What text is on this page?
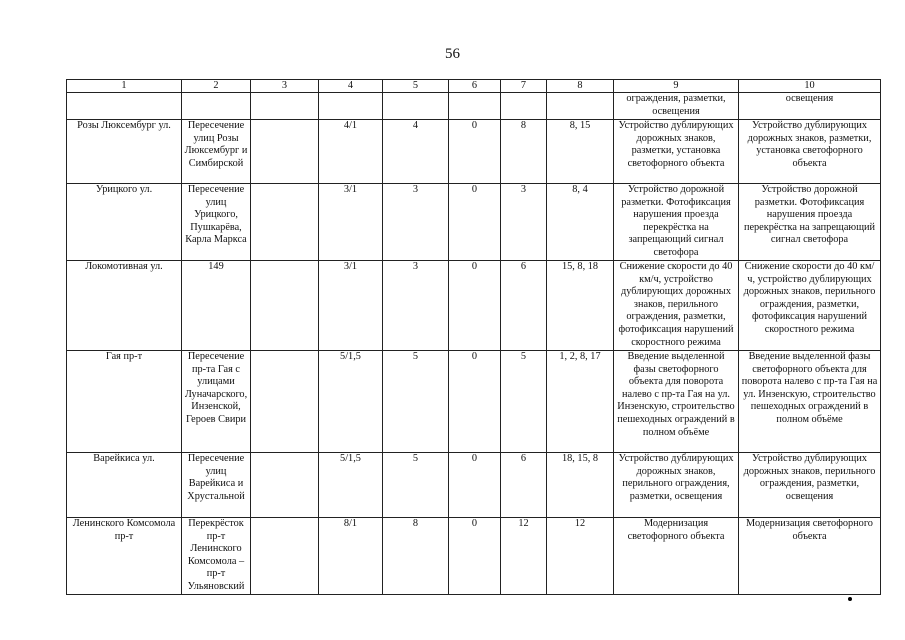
56
1	2	3	4	5	6	7	8	9	10
								ограждения, разметки, освещения	освещения
Розы Люксембург ул.	Пересечение улиц Розы Люксембург и Симбирской		4/1	4	0	8	8, 15	Устройство дублирующих дорожных знаков, разметки, установка светофорного объекта	Устройство дублирующих дорожных знаков, разметки, установка светофорного объекта
Урицкого ул.	Пересечение улиц Урицкого, Пушкарёва, Карла Маркса		3/1	3	0	3	8, 4	Устройство дорожной разметки. Фотофиксация нарушения проезда перекрёстка на запрещающий сигнал светофора	Устройство дорожной разметки. Фотофиксация нарушения проезда перекрёстка на запрещающий сигнал светофора
Локомотивная ул.	149		3/1	3	0	6	15, 8, 18	Снижение скорости до 40 км/ч, устройство дублирующих дорожных знаков, перильного ограждения, разметки, фотофиксация нарушений скоростного режима	Снижение скорости до 40 км/ч, устройство дублирующих дорожных знаков, перильного ограждения, разметки, фотофиксация нарушений скоростного режима
Гая пр-т	Пересечение пр-та Гая с улицами Луначарского, Инзенской, Героев Свири		5/1,5	5	0	5	1, 2, 8, 17	Введение выделенной фазы светофорного объекта для поворота налево с пр-та Гая на ул. Инзенскую, строительство пешеходных ограждений в полном объёме	Введение выделенной фазы светофорного объекта для поворота налево с пр-та Гая на ул. Инзенскую, строительство пешеходных ограждений в полном объёме
Варейкиса ул.	Пересечение улиц Варейкиса и Хрустальной		5/1,5	5	0	6	18, 15, 8	Устройство дублирующих дорожных знаков, перильного ограждения, разметки, освещения	Устройство дублирующих дорожных знаков, перильного ограждения, разметки, освещения
Ленинского Комсомола пр-т	Перекрёсток пр-т Ленинского Комсомола – пр-т Ульяновский		8/1	8	0	12	12	Модернизация светофорного объекта	Модернизация светофорного объекта
